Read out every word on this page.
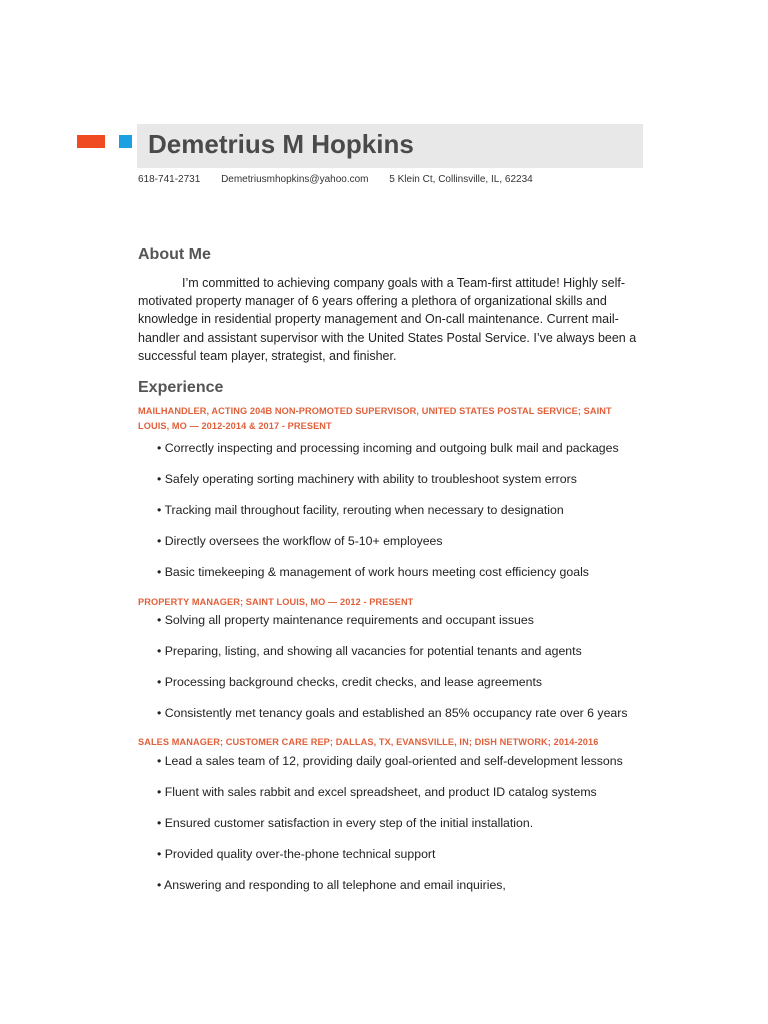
Demetrius M Hopkins
618-741-2731 Demetriusmhopkins@yahoo.com 5 Klein Ct, Collinsville, IL, 62234
About Me

I’m committed to achieving company goals with a Team-first attitude! Highly self-motivated property manager of 6 years offering a plethora of organizational skills and knowledge in residential property management and On-call maintenance. Current mail-handler and assistant supervisor with the United States Postal Service. I’ve always been a successful team player, strategist, and finisher.

Experience

MAILHANDLER, ACTING 204B NON-PROMOTED SUPERVISOR, UNITED STATES POSTAL SERVICE; SAINT LOUIS, MO — 2012-2014 & 2017 - PRESENT

• Correctly inspecting and processing incoming and outgoing bulk mail and packages
• Safely operating sorting machinery with ability to troubleshoot system errors
• Tracking mail throughout facility, rerouting when necessary to designation
• Directly oversees the workflow of 5-10+ employees
• Basic timekeeping & management of work hours meeting cost efficiency goals

PROPERTY MANAGER; SAINT LOUIS, MO — 2012 - PRESENT

• Solving all property maintenance requirements and occupant issues
• Preparing, listing, and showing all vacancies for potential tenants and agents
• Processing background checks, credit checks, and lease agreements
• Consistently met tenancy goals and established an 85% occupancy rate over 6 years

SALES MANAGER; CUSTOMER CARE REP; DALLAS, TX, EVANSVILLE, IN; DISH NETWORK; 2014-2016

• Lead a sales team of 12, providing daily goal-oriented and self-development lessons
• Fluent with sales rabbit and excel spreadsheet, and product ID catalog systems
• Ensured customer satisfaction in every step of the initial installation.
• Provided quality over-the-phone technical support
• Answering and responding to all telephone and email inquiries,
